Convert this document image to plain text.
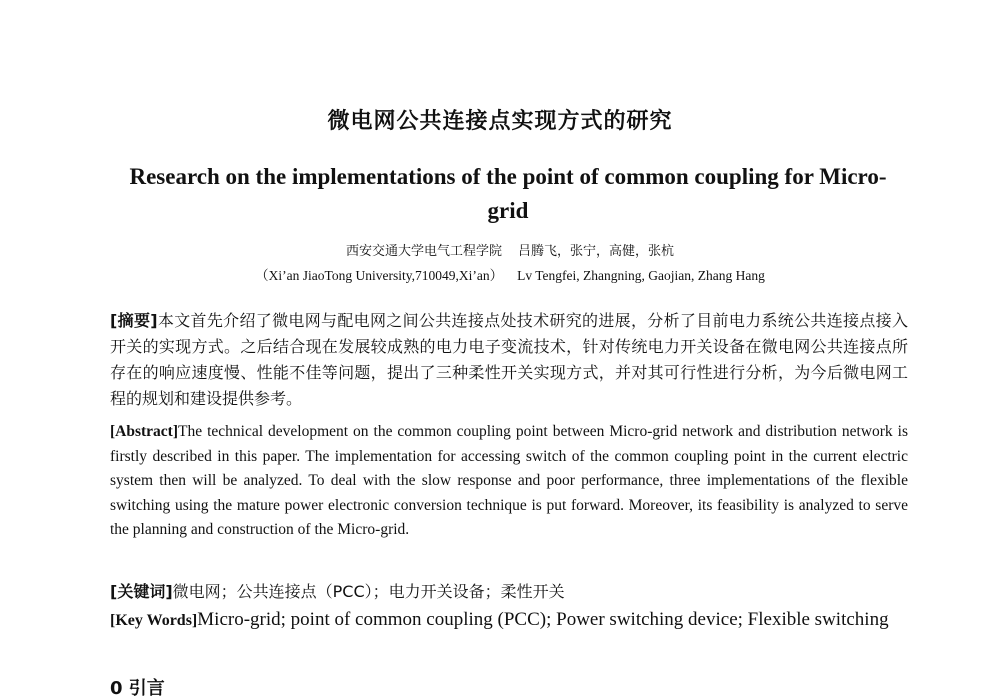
微电网公共连接点实现方式的研究
Research on the implementations of the point of common coupling for Micro-grid
西安交通大学电气工程学院 吕腾飞，张宁，高健，张杭
（Xi’an JiaoTong University,710049,Xi’an） Lv Tengfei, Zhangning, Gaojian, Zhang Hang
[摘要]本文首先介绍了微电网与配电网之间公共连接点处技术研究的进展，分析了目前电力系统公共连接点接入开关的实现方式。之后结合现在发展较成熟的电力电子变流技术，针对传统电力开关设备在微电网公共连接点所存在的响应速度慢、性能不佳等问题，提出了三种柔性开关实现方式，并对其可行性进行分析，为今后微电网工程的规划和建设提供参考。
[Abstract]The technical development on the common coupling point between Micro-grid network and distribution network is firstly described in this paper. The implementation for accessing switch of the common coupling point in the current electric system then will be analyzed. To deal with the slow response and poor performance, three implementations of the flexible switching using the mature power electronic conversion technique is put forward. Moreover, its feasibility is analyzed to serve the planning and construction of the Micro-grid.
[关键词]微电网；公共连接点（PCC）；电力开关设备；柔性开关
[Key Words]Micro-grid; point of common coupling (PCC); Power switching device; Flexible switching
0 引言
